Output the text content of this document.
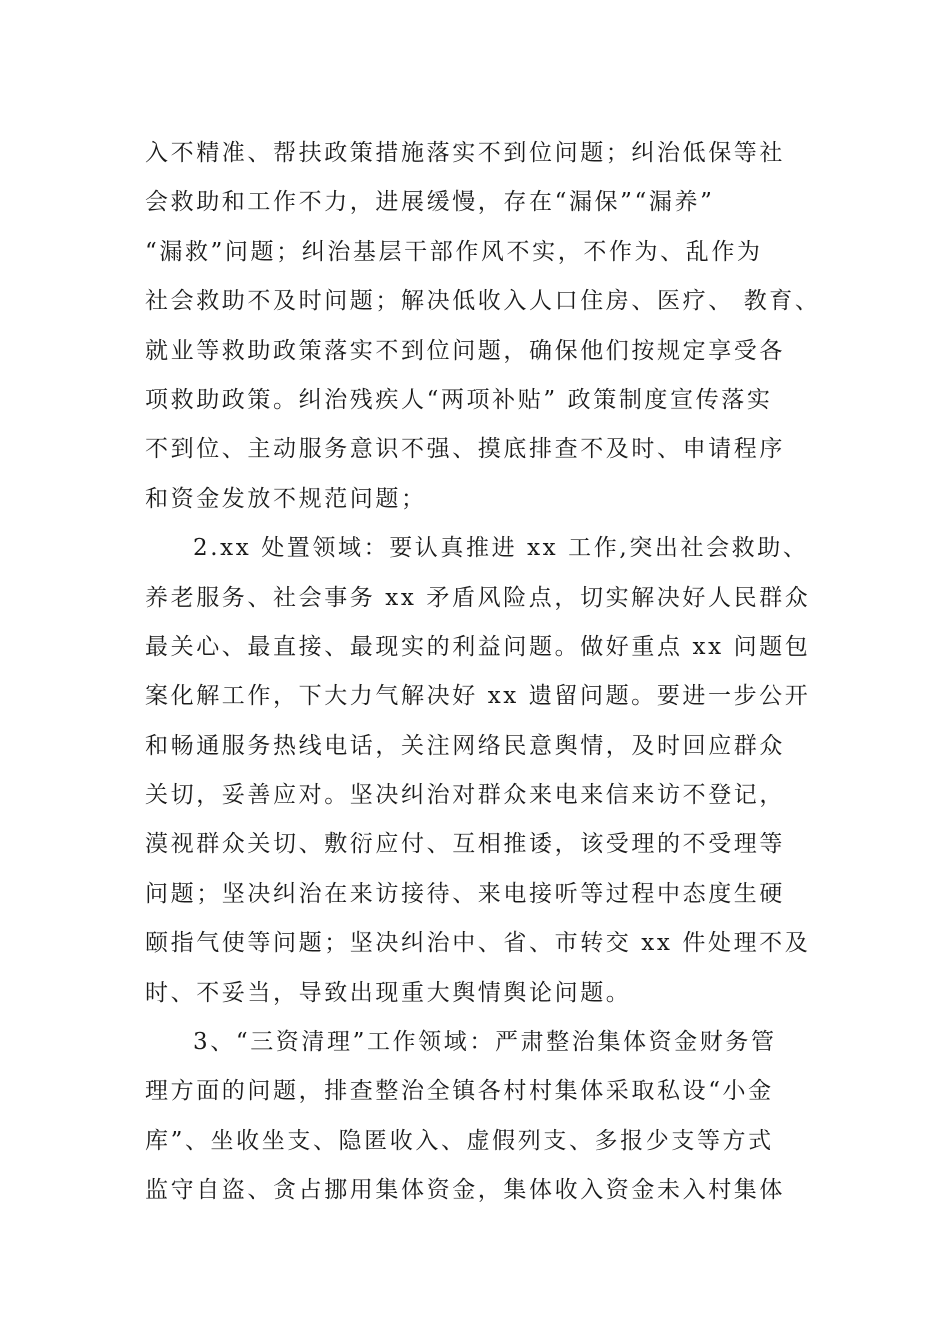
入不精准、帮扶政策措施落实不到位问题；纠治低保等社
会救助和工作不力，进展缓慢，存在“漏保”“漏养”
“漏救”问题；纠治基层干部作风不实，不作为、乱作为
社会救助不及时问题；解决低收入人口住房、医疗、 教育、
就业等救助政策落实不到位问题，确保他们按规定享受各
项救助政策。纠治残疾人“两项补贴” 政策制度宣传落实
不到位、主动服务意识不强、摸底排查不及时、申请程序
和资金发放不规范问题；
2.xx 处置领域：要认真推进 xx 工作,突出社会救助、
养老服务、社会事务 xx 矛盾风险点，切实解决好人民群众
最关心、最直接、最现实的利益问题。做好重点 xx 问题包
案化解工作，下大力气解决好 xx 遗留问题。要进一步公开
和畅通服务热线电话，关注网络民意舆情，及时回应群众
关切，妥善应对。坚决纠治对群众来电来信来访不登记，
漠视群众关切、敷衍应付、互相推诿，该受理的不受理等
问题；坚决纠治在来访接待、来电接听等过程中态度生硬
颐指气使等问题；坚决纠治中、省、市转交 xx 件处理不及
时、不妥当，导致出现重大舆情舆论问题。
3、“三资清理”工作领域：严肃整治集体资金财务管
理方面的问题，排查整治全镇各村村集体采取私设“小金
库”、坐收坐支、隐匿收入、虚假列支、多报少支等方式
监守自盗、贪占挪用集体资金，集体收入资金未入村集体
